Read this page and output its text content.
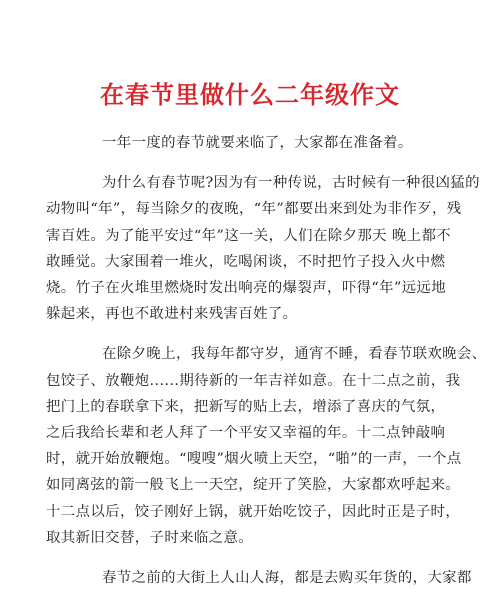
在春节里做什么二年级作文

一年一度的春节就要来临了，大家都在准备着。

为什么有春节呢?因为有一种传说，古时候有一种很凶猛的
动物叫“年”，每当除夕的夜晚，“年”都要出来到处为非作歹，残
害百姓。为了能平安过“年”这一关，人们在除夕那天 晚上都不
敢睡觉。大家围着一堆火，吃喝闲谈，不时把竹子投入火中燃
烧。竹子在火堆里燃烧时发出响亮的爆裂声，吓得“年”远远地
躲起来，再也不敢进村来残害百姓了。

在除夕晚上，我每年都守岁，通宵不睡，看春节联欢晚会、
包饺子、放鞭炮......期待新的一年吉祥如意。在十二点之前，我
把门上的春联拿下来，把新写的贴上去，增添了喜庆的气氛，
之后我给长辈和老人拜了一个平安又幸福的年。十二点钟敲响
时，就开始放鞭炮。“嗖嗖”烟火喷上天空，“啪”的一声，一个点
如同离弦的箭一般飞上一天空，绽开了笑脸，大家都欢呼起来。
十二点以后，饺子刚好上锅，就开始吃饺子，因此时正是子时，
取其新旧交替，子时来临之意。

春节之前的大街上人山人海，都是去购买年货的，大家都
